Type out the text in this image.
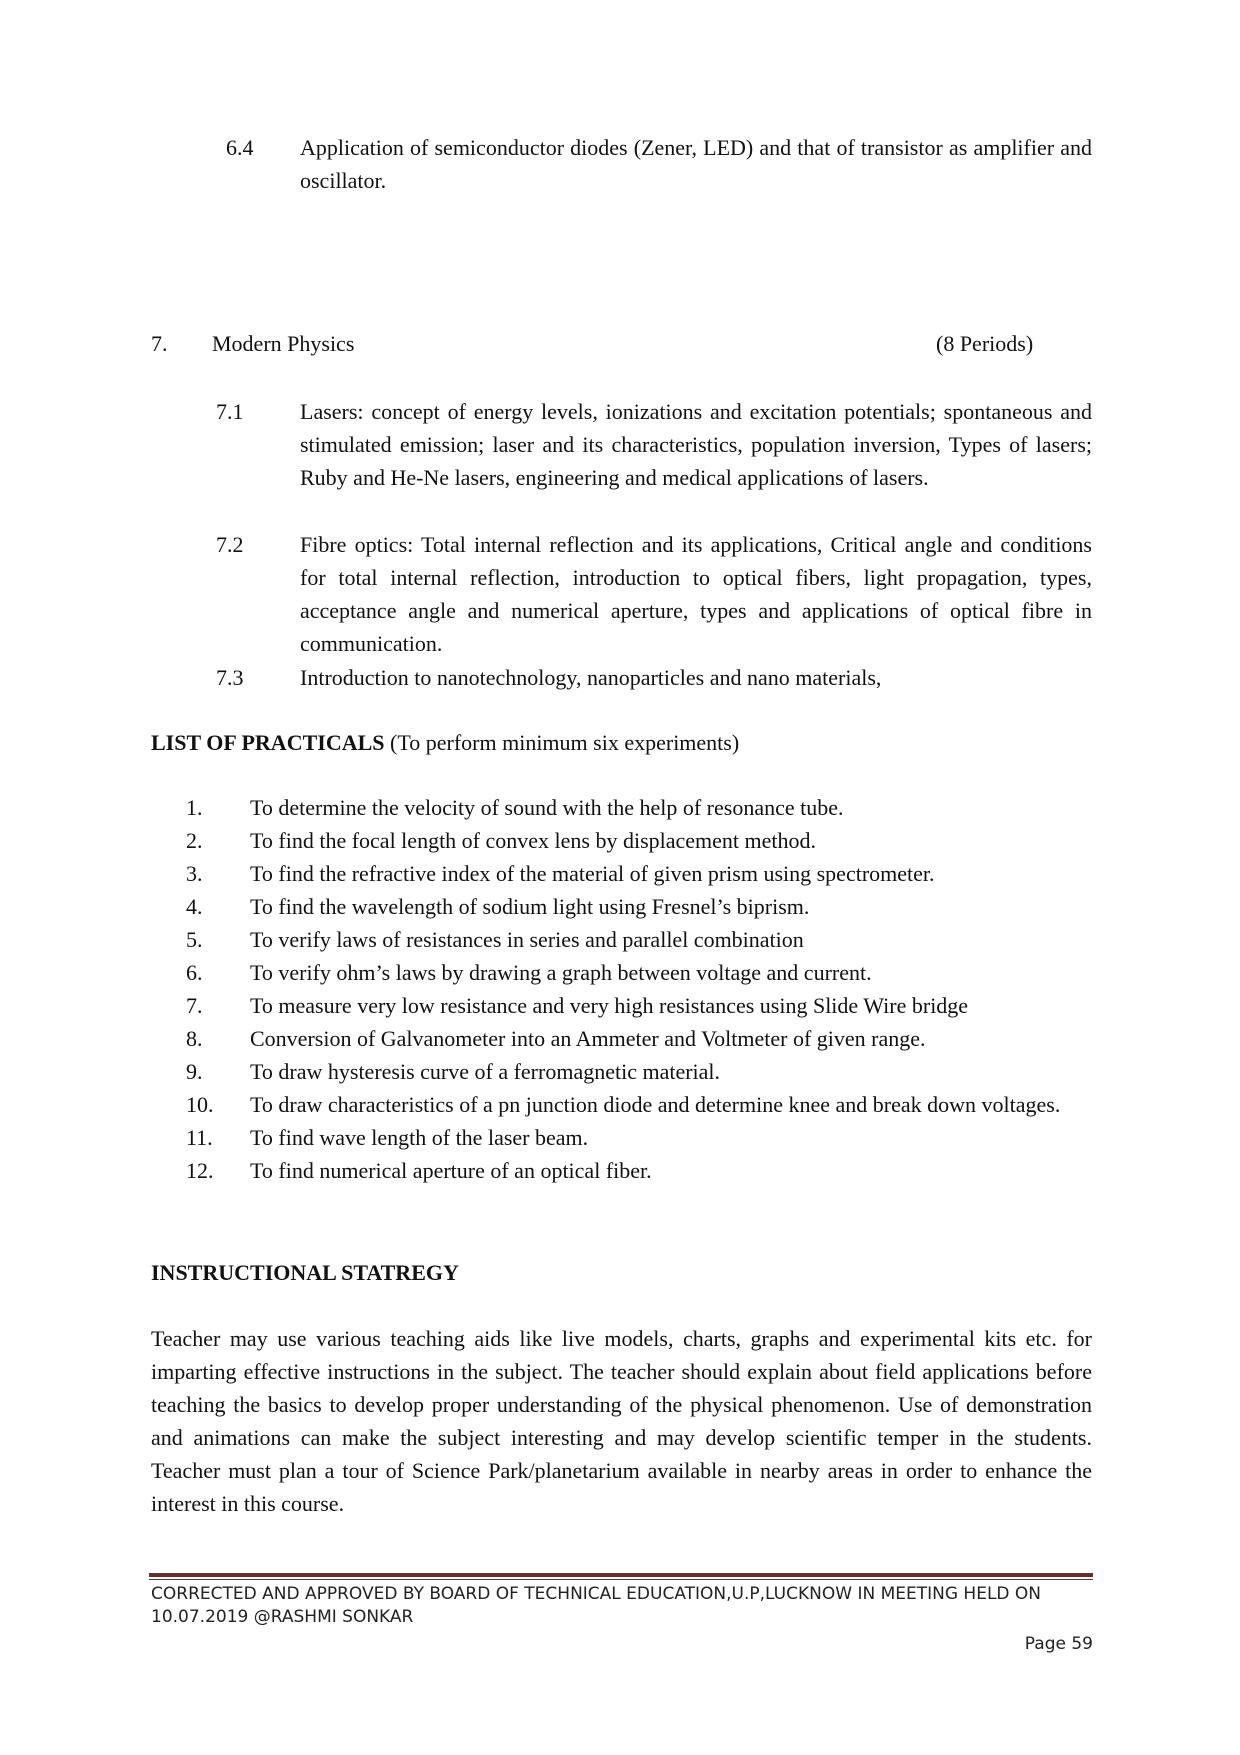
6.4 Application of semiconductor diodes (Zener, LED) and that of transistor as amplifier and oscillator.
7. Modern Physics	(8 Periods)
7.1	Lasers: concept of energy levels, ionizations and excitation potentials; spontaneous and stimulated emission; laser and its characteristics, population inversion, Types of lasers; Ruby and He-Ne lasers, engineering and medical applications of lasers.
7.2	Fibre optics: Total internal reflection and its applications, Critical angle and conditions for total internal reflection, introduction to optical fibers, light propagation, types, acceptance angle and numerical aperture, types and applications of optical fibre in communication.
7.3	Introduction to nanotechnology, nanoparticles and nano materials,
LIST OF PRACTICALS (To perform minimum six experiments)
1. To determine the velocity of sound with the help of resonance tube.
2. To find the focal length of convex lens by displacement method.
3. To find the refractive index of the material of given prism using spectrometer.
4. To find the wavelength of sodium light using Fresnel’s biprism.
5. To verify laws of resistances in series and parallel combination
6. To verify ohm’s laws by drawing a graph between voltage and current.
7. To measure very low resistance and very high resistances using Slide Wire bridge
8. Conversion of Galvanometer into an Ammeter and Voltmeter of given range.
9. To draw hysteresis curve of a ferromagnetic material.
10. To draw characteristics of a pn junction diode and determine knee and break down voltages.
11. To find wave length of the laser beam.
12. To find numerical aperture of an optical fiber.
INSTRUCTIONAL STATREGY
Teacher may use various teaching aids like live models, charts, graphs and experimental kits etc. for imparting effective instructions in the subject. The teacher should explain about field applications before teaching the basics to develop proper understanding of the physical phenomenon. Use of demonstration and animations can make the subject interesting and may develop scientific temper in the students. Teacher must plan a tour of Science Park/planetarium available in nearby areas in order to enhance the interest in this course.
CORRECTED AND APPROVED BY BOARD OF TECHNICAL EDUCATION,U.P,LUCKNOW IN MEETING HELD ON 10.07.2019 @RASHMI SONKAR
Page 59
